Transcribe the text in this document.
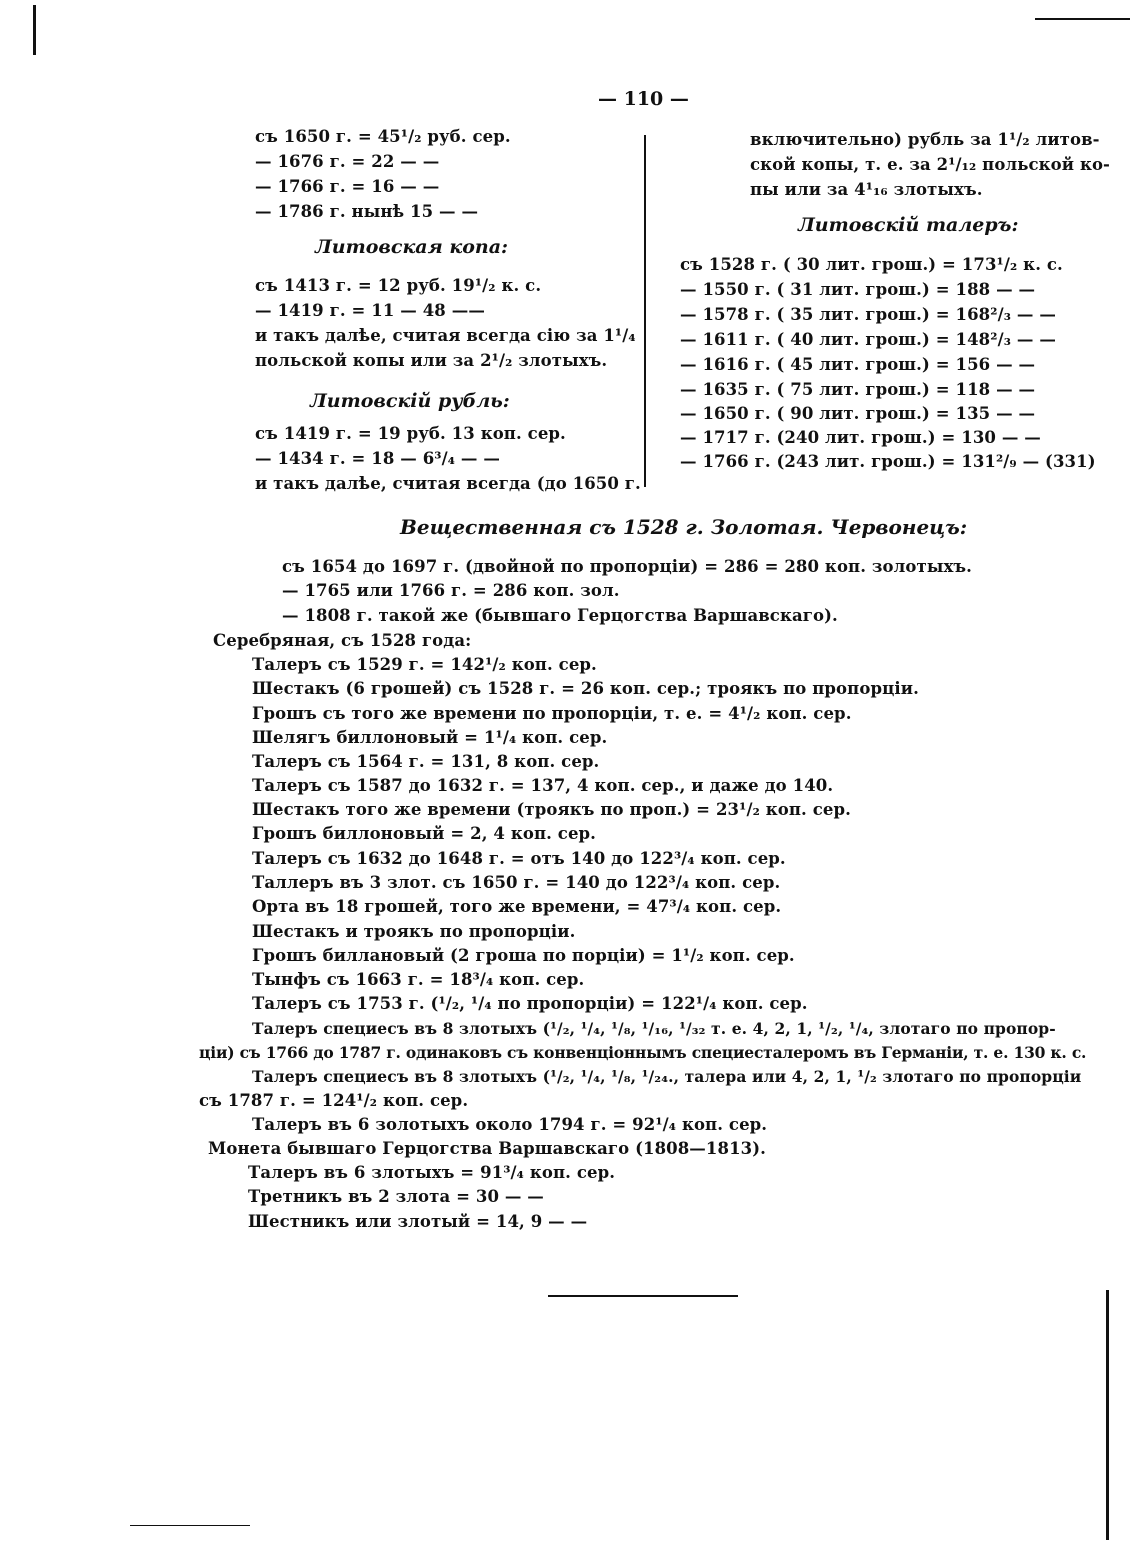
— 110 —
съ 1650 г. = 45¹/₂ руб. сер.
— 1676 г. = 22 — —
— 1766 г. = 16 — —
— 1786 г. нынѣ 15 — —
Литовская копа:
съ 1413 г. = 12 руб. 19¹/₂ к. с.
— 1419 г. = 11 — 48 ——
и такъ далѣе, считая всегда сію за 1¹/₄
польской копы или за 2¹/₂ злотыхъ.
Литовскій рубль:
съ 1419 г. = 19 руб. 13 коп. сер.
— 1434 г. = 18 — 6³/₄ — —
и такъ далѣе, считая всегда (до 1650 г.
включительно) рубль за 1¹/₂ литов-
ской копы, т. е. за 2¹/₁₂ польской ко-
пы или за 4¹₁₆ злотыхъ.
Литовскій талеръ:
съ 1528 г. ( 30 лит. грош.) = 173¹/₂ к. с.
— 1550 г. ( 31 лит. грош.) = 188 — —
— 1578 г. ( 35 лит. грош.) = 168²/₃ — —
— 1611 г. ( 40 лит. грош.) = 148²/₃ — —
— 1616 г. ( 45 лит. грош.) = 156 — —
— 1635 г. ( 75 лит. грош.) = 118 — —
— 1650 г. ( 90 лит. грош.) = 135 — —
— 1717 г. (240 лит. грош.) = 130 — —
— 1766 г. (243 лит. грош.) = 131²/₉ — (331)
Вещественная съ 1528 г. Золотая. Червонецъ:
съ 1654 до 1697 г. (двойной по пропорціи) = 286 = 280 коп. золотыхъ.
— 1765 или 1766 г. = 286 коп. зол.
— 1808 г. такой же (бывшаго Герцогства Варшавскаго).
Серебряная, съ 1528 года:
Талеръ съ 1529 г. = 142¹/₂ коп. сер.
Шестакъ (6 грошей) съ 1528 г. = 26 коп. сер.; троякъ по пропорціи.
Грошъ съ того же времени по пропорціи, т. е. = 4¹/₂ коп. сер.
Шелягъ биллоновый = 1¹/₄ коп. сер.
Талеръ съ 1564 г. = 131, 8 коп. сер.
Талеръ съ 1587 до 1632 г. = 137, 4 коп. сер., и даже до 140.
Шестакъ того же времени (троякъ по проп.) = 23¹/₂ коп. сер.
Грошъ биллоновый = 2, 4 коп. сер.
Талеръ съ 1632 до 1648 г. = отъ 140 до 122³/₄ коп. сер.
Таллеръ въ 3 злот. съ 1650 г. = 140 до 122³/₄ коп. сер.
Орта въ 18 грошей, того же времени, = 47³/₄ коп. сер.
Шестакъ и троякъ по пропорціи.
Грошъ биллановый (2 гроша по порціи) = 1¹/₂ коп. сер.
Тынфъ съ 1663 г. = 18³/₄ коп. сер.
Талеръ съ 1753 г. (¹/₂, ¹/₄ по пропорціи) = 122¹/₄ коп. сер.
Талеръ специесъ въ 8 злотыхъ (¹/₂, ¹/₄, ¹/₈, ¹/₁₆, ¹/₃₂ т. е. 4, 2, 1, ¹/₂, ¹/₄, злотаго по пропор-
ціи) съ 1766 до 1787 г. одинаковъ съ конвенціоннымъ специесталеромъ въ Германіи, т. е. 130 к. с.
Талеръ специесъ въ 8 злотыхъ (¹/₂, ¹/₄, ¹/₈, ¹/₂₄., талера или 4, 2, 1, ¹/₂ злотаго по пропорціи
съ 1787 г. = 124¹/₂ коп. сер.
Талеръ въ 6 золотыхъ около 1794 г. = 92¹/₄ коп. сер.
Монета бывшаго Герцогства Варшавскаго (1808—1813).
Талеръ въ 6 злотыхъ = 91³/₄ коп. сер.
Третникъ въ 2 злота = 30 — —
Шестникъ или злотый = 14, 9 — —
